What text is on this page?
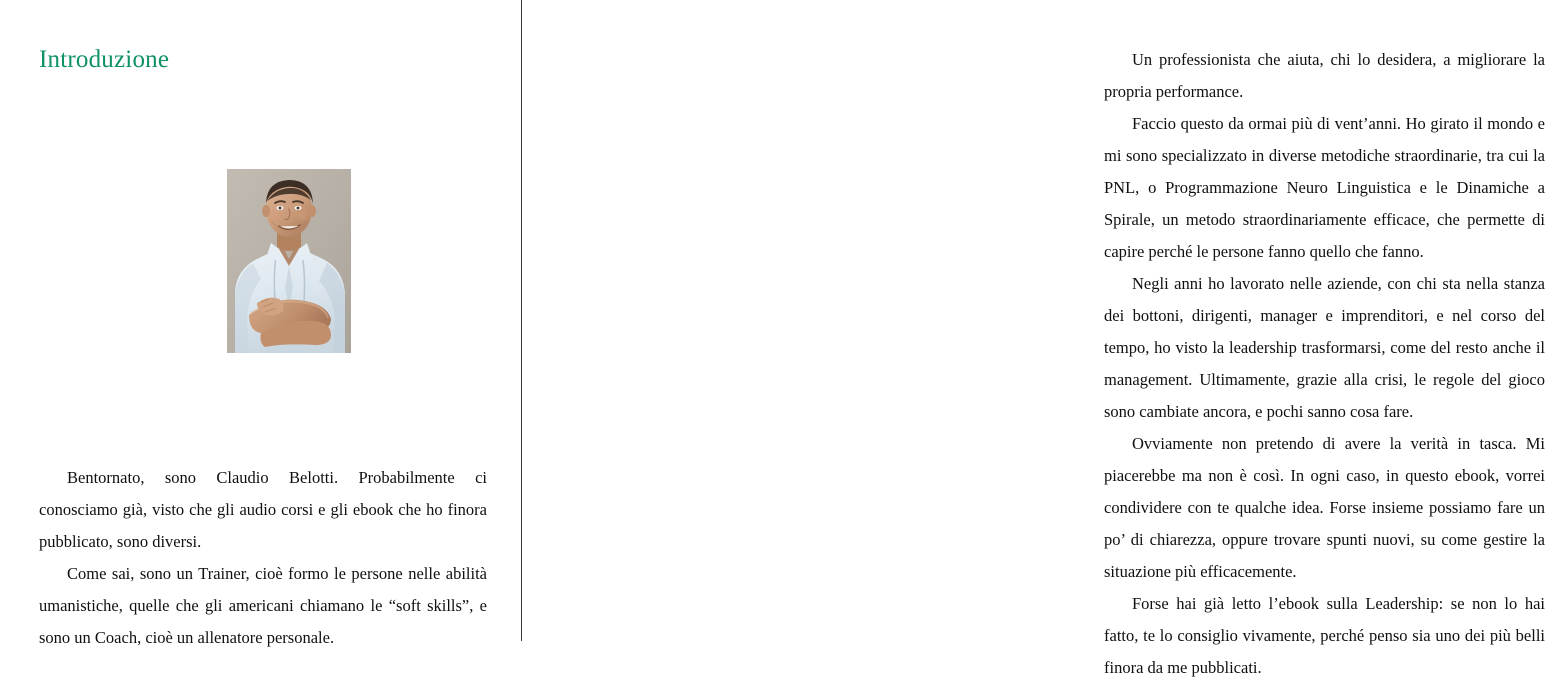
Introduzione

Bentornato, sono Claudio Belotti. Probabilmente ci conosciamo già, visto che gli audio corsi e gli ebook che ho finora pubblicato, sono diversi.

Come sai, sono un Trainer, cioè formo le persone nelle abilità umanistiche, quelle che gli americani chiamano le “soft skills”, e sono un Coach, cioè un allenatore personale.

Un professionista che aiuta, chi lo desidera, a migliorare la propria performance.

Faccio questo da ormai più di vent’anni. Ho girato il mondo e mi sono specializzato in diverse metodiche straordinarie, tra cui la PNL, o Programmazione Neuro Linguistica e le Dinamiche a Spirale, un metodo straordinariamente efficace, che permette di capire perché le persone fanno quello che fanno.

Negli anni ho lavorato nelle aziende, con chi sta nella stanza dei bottoni, dirigenti, manager e imprenditori, e nel corso del tempo, ho visto la leadership trasformarsi, come del resto anche il management. Ultimamente, grazie alla crisi, le regole del gioco sono cambiate ancora, e pochi sanno cosa fare.

Ovviamente non pretendo di avere la verità in tasca. Mi piacerebbe ma non è così. In ogni caso, in questo ebook, vorrei condividere con te qualche idea. Forse insieme possiamo fare un po’ di chiarezza, oppure trovare spunti nuovi, su come gestire la situazione più efficacemente.

Forse hai già letto l’ebook sulla Leadership: se non lo hai fatto, te lo consiglio vivamente, perché penso sia uno dei più belli finora da me pubblicati.
